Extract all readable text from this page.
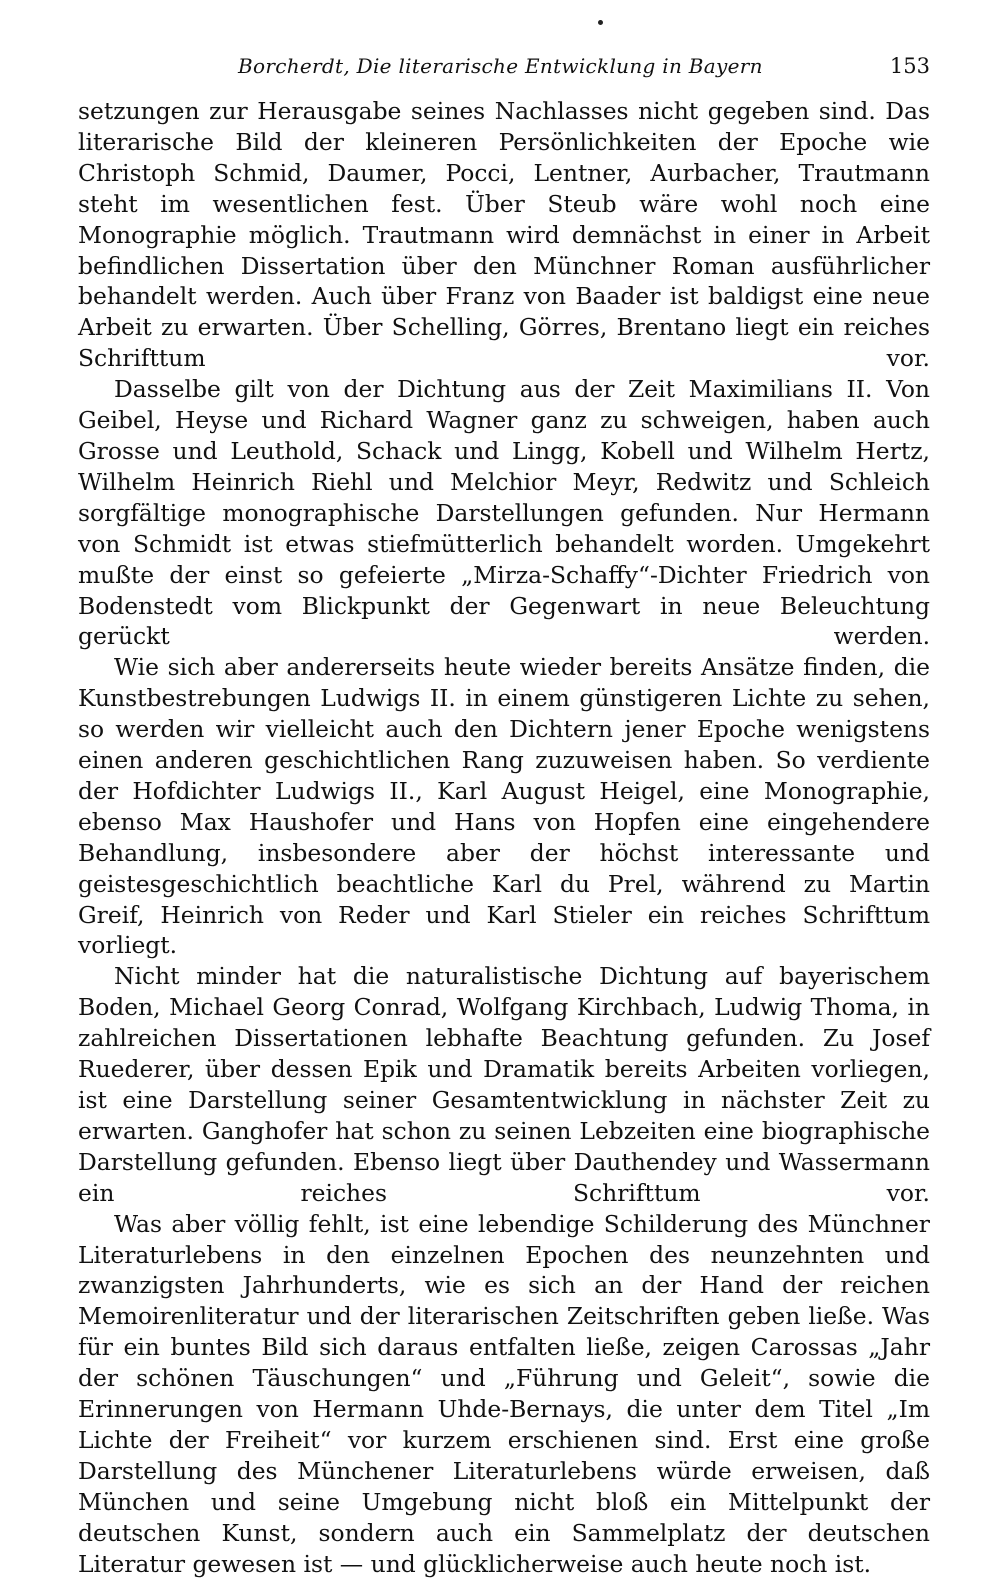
Borcherdt, Die literarische Entwicklung in Bayern	153

setzungen zur Herausgabe seines Nachlasses nicht gegeben sind. Das literarische Bild der kleineren Persönlichkeiten der Epoche wie Christoph Schmid, Daumer, Pocci, Lentner, Aurbacher, Trautmann steht im wesentlichen fest. Über Steub wäre wohl noch eine Monographie möglich. Trautmann wird demnächst in einer in Arbeit befindlichen Dissertation über den Münchner Roman ausführlicher behandelt werden. Auch über Franz von Baader ist baldigst eine neue Arbeit zu erwarten. Über Schelling, Görres, Brentano liegt ein reiches Schrifttum vor.

Dasselbe gilt von der Dichtung aus der Zeit Maximilians II. Von Geibel, Heyse und Richard Wagner ganz zu schweigen, haben auch Grosse und Leuthold, Schack und Lingg, Kobell und Wilhelm Hertz, Wilhelm Heinrich Riehl und Melchior Meyr, Redwitz und Schleich sorgfältige monographische Darstellungen gefunden. Nur Hermann von Schmidt ist etwas stiefmütterlich behandelt worden. Umgekehrt mußte der einst so gefeierte „Mirza-Schaffy“-Dichter Friedrich von Bodenstedt vom Blickpunkt der Gegenwart in neue Beleuchtung gerückt werden.

Wie sich aber andererseits heute wieder bereits Ansätze finden, die Kunstbestrebungen Ludwigs II. in einem günstigeren Lichte zu sehen, so werden wir vielleicht auch den Dichtern jener Epoche wenigstens einen anderen geschichtlichen Rang zuzuweisen haben. So verdiente der Hofdichter Ludwigs II., Karl August Heigel, eine Monographie, ebenso Max Haushofer und Hans von Hopfen eine eingehendere Behandlung, insbesondere aber der höchst interessante und geistesgeschichtlich beachtliche Karl du Prel, während zu Martin Greif, Heinrich von Reder und Karl Stieler ein reiches Schrifttum vorliegt.

Nicht minder hat die naturalistische Dichtung auf bayerischem Boden, Michael Georg Conrad, Wolfgang Kirchbach, Ludwig Thoma, in zahlreichen Dissertationen lebhafte Beachtung gefunden. Zu Josef Ruederer, über dessen Epik und Dramatik bereits Arbeiten vorliegen, ist eine Darstellung seiner Gesamtentwicklung in nächster Zeit zu erwarten. Ganghofer hat schon zu seinen Lebzeiten eine biographische Darstellung gefunden. Ebenso liegt über Dauthendey und Wassermann ein reiches Schrifttum vor.

Was aber völlig fehlt, ist eine lebendige Schilderung des Münchner Literaturlebens in den einzelnen Epochen des neunzehnten und zwanzigsten Jahrhunderts, wie es sich an der Hand der reichen Memoirenliteratur und der literarischen Zeitschriften geben ließe. Was für ein buntes Bild sich daraus entfalten ließe, zeigen Carossas „Jahr der schönen Täuschungen“ und „Führung und Geleit“, sowie die Erinnerungen von Hermann Uhde-Bernays, die unter dem Titel „Im Lichte der Freiheit“ vor kurzem erschienen sind. Erst eine große Darstellung des Münchener Literaturlebens würde erweisen, daß München und seine Umgebung nicht bloß ein Mittelpunkt der deutschen Kunst, sondern auch ein Sammelplatz der deutschen Literatur gewesen ist — und glücklicherweise auch heute noch ist.
